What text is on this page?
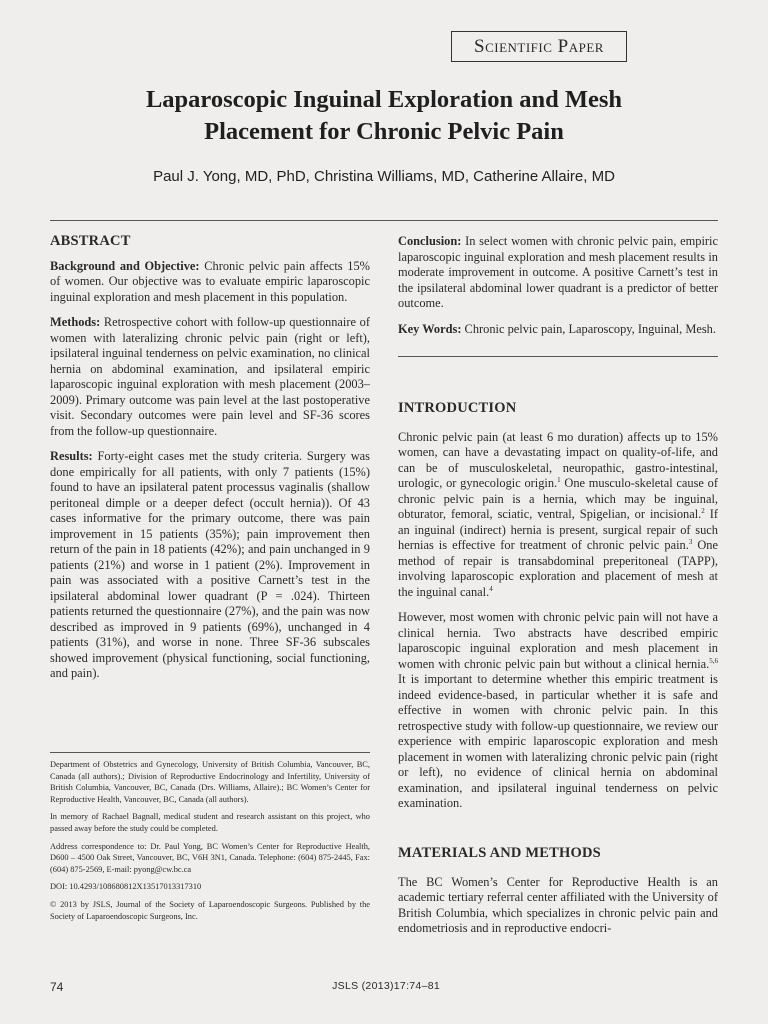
Scientific Paper
Laparoscopic Inguinal Exploration and Mesh
Placement for Chronic Pelvic Pain
Paul J. Yong, MD, PhD, Christina Williams, MD, Catherine Allaire, MD
ABSTRACT

Background and Objective: Chronic pelvic pain affects 15% of women. Our objective was to evaluate empiric laparoscopic inguinal exploration and mesh placement in this population.

Methods: Retrospective cohort with follow-up questionnaire of women with lateralizing chronic pelvic pain (right or left), ipsilateral inguinal tenderness on pelvic examination, no clinical hernia on abdominal examination, and ipsilateral empiric laparoscopic inguinal exploration with mesh placement (2003–2009). Primary outcome was pain level at the last postoperative visit. Secondary outcomes were pain level and SF-36 scores from the follow-up questionnaire.

Results: Forty-eight cases met the study criteria. Surgery was done empirically for all patients, with only 7 patients (15%) found to have an ipsilateral patent processus vaginalis (shallow peritoneal dimple or a deeper defect (occult hernia)). Of 43 cases informative for the primary outcome, there was pain improvement in 15 patients (35%); pain improvement then return of the pain in 18 patients (42%); and pain unchanged in 9 patients (21%) and worse in 1 patient (2%). Improvement in pain was associated with a positive Carnett’s test in the ipsilateral abdominal lower quadrant (P = .024). Thirteen patients returned the questionnaire (27%), and the pain was now described as improved in 9 patients (69%), unchanged in 4 patients (31%), and worse in none. Three SF-36 subscales showed improvement (physical functioning, social functioning, and pain).

Department of Obstetrics and Gynecology, University of British Columbia, Vancouver, BC, Canada (all authors).; Division of Reproductive Endocrinology and Infertility, University of British Columbia, Vancouver, BC, Canada (Drs. Williams, Allaire).; BC Women’s Center for Reproductive Health, Vancouver, BC, Canada (all authors).

In memory of Rachael Bagnall, medical student and research assistant on this project, who passed away before the study could be completed.

Address correspondence to: Dr. Paul Yong, BC Women’s Center for Reproductive Health, D600 – 4500 Oak Street, Vancouver, BC, V6H 3N1, Canada. Telephone: (604) 875-2445, Fax: (604) 875-2569, E-mail: pyong@cw.bc.ca

DOI: 10.4293/108680812X13517013317310

© 2013 by JSLS, Journal of the Society of Laparoendoscopic Surgeons. Published by the Society of Laparoendoscopic Surgeons, Inc.

Conclusion: In select women with chronic pelvic pain, empiric laparoscopic inguinal exploration and mesh placement results in moderate improvement in outcome. A positive Carnett’s test in the ipsilateral abdominal lower quadrant is a predictor of better outcome.

Key Words: Chronic pelvic pain, Laparoscopy, Inguinal, Mesh.

INTRODUCTION

Chronic pelvic pain (at least 6 mo duration) affects up to 15% women, can have a devastating impact on quality-of-life, and can be of musculoskeletal, neuropathic, gastro-intestinal, urologic, or gynecologic origin.$^1$ One musculo-skeletal cause of chronic pelvic pain is a hernia, which may be inguinal, obturator, femoral, sciatic, ventral, Spigelian, or incisional.$^2$ If an inguinal (indirect) hernia is present, surgical repair of such hernias is effective for treatment of chronic pelvic pain.$^3$ One method of repair is transabdominal preperitoneal (TAPP), involving laparoscopic exploration and placement of mesh at the inguinal canal.$^4$

However, most women with chronic pelvic pain will not have a clinical hernia. Two abstracts have described empiric laparoscopic inguinal exploration and mesh placement in women with chronic pelvic pain but without a clinical hernia.$^{5,6}$ It is important to determine whether this empiric treatment is indeed evidence-based, in particular whether it is safe and effective in women with chronic pelvic pain. In this retrospective study with follow-up questionnaire, we review our experience with empiric laparoscopic exploration and mesh placement in women with lateralizing chronic pelvic pain (right or left), no evidence of clinical hernia on abdominal examination, and ipsilateral inguinal tenderness on pelvic examination.

MATERIALS AND METHODS

The BC Women’s Center for Reproductive Health is an academic tertiary referral center affiliated with the University of British Columbia, which specializes in chronic pelvic pain and endometriosis and in reproductive endocri-

74	JSLS (2013)17:74–81
